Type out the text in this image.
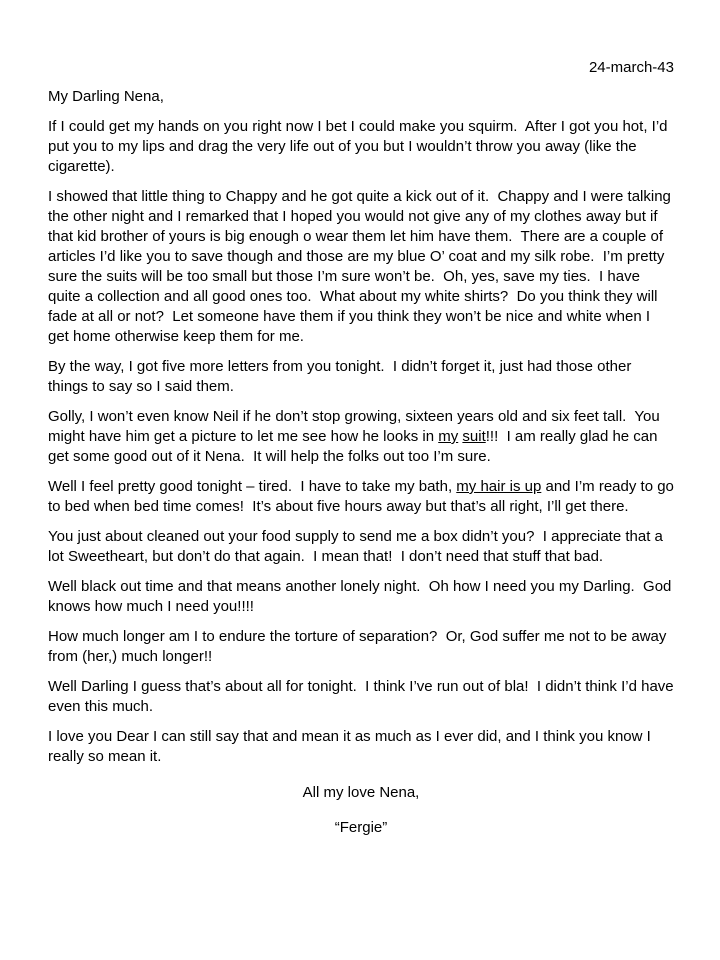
24-march-43

My Darling Nena,

If I could get my hands on you right now I bet I could make you squirm.  After I got you hot, I’d put you to my lips and drag the very life out of you but I wouldn’t throw you away (like the cigarette).

I showed that little thing to Chappy and he got quite a kick out of it.  Chappy and I were talking the other night and I remarked that I hoped you would not give any of my clothes away but if that kid brother of yours is big enough o wear them let him have them.  There are a couple of articles I’d like you to save though and those are my blue O’ coat and my silk robe.  I’m pretty sure the suits will be too small but those I’m sure won’t be.  Oh, yes, save my ties.  I have quite a collection and all good ones too.  What about my white shirts?  Do you think they will fade at all or not?  Let someone have them if you think they won’t be nice and white when I get home otherwise keep them for me.

By the way, I got five more letters from you tonight.  I didn’t forget it, just had those other things to say so I said them.

Golly, I won’t even know Neil if he don’t stop growing, sixteen years old and six feet tall.  You might have him get a picture to let me see how he looks in my suit!!!  I am really glad he can get some good out of it Nena.  It will help the folks out too I’m sure.

Well I feel pretty good tonight – tired.  I have to take my bath, my hair is up and I’m ready to go to bed when bed time comes!  It’s about five hours away but that’s all right, I’ll get there.

You just about cleaned out your food supply to send me a box didn’t you?  I appreciate that a lot Sweetheart, but don’t do that again.  I mean that!  I don’t need that stuff that bad.

Well black out time and that means another lonely night.  Oh how I need you my Darling.  God knows how much I need you!!!!

How much longer am I to endure the torture of separation?  Or, God suffer me not to be away from (her,) much longer!!

Well Darling I guess that’s about all for tonight.  I think I’ve run out of bla!  I didn’t think I’d have even this much.

I love you Dear I can still say that and mean it as much as I ever did, and I think you know I really so mean it.

All my love Nena,

“Fergie”
